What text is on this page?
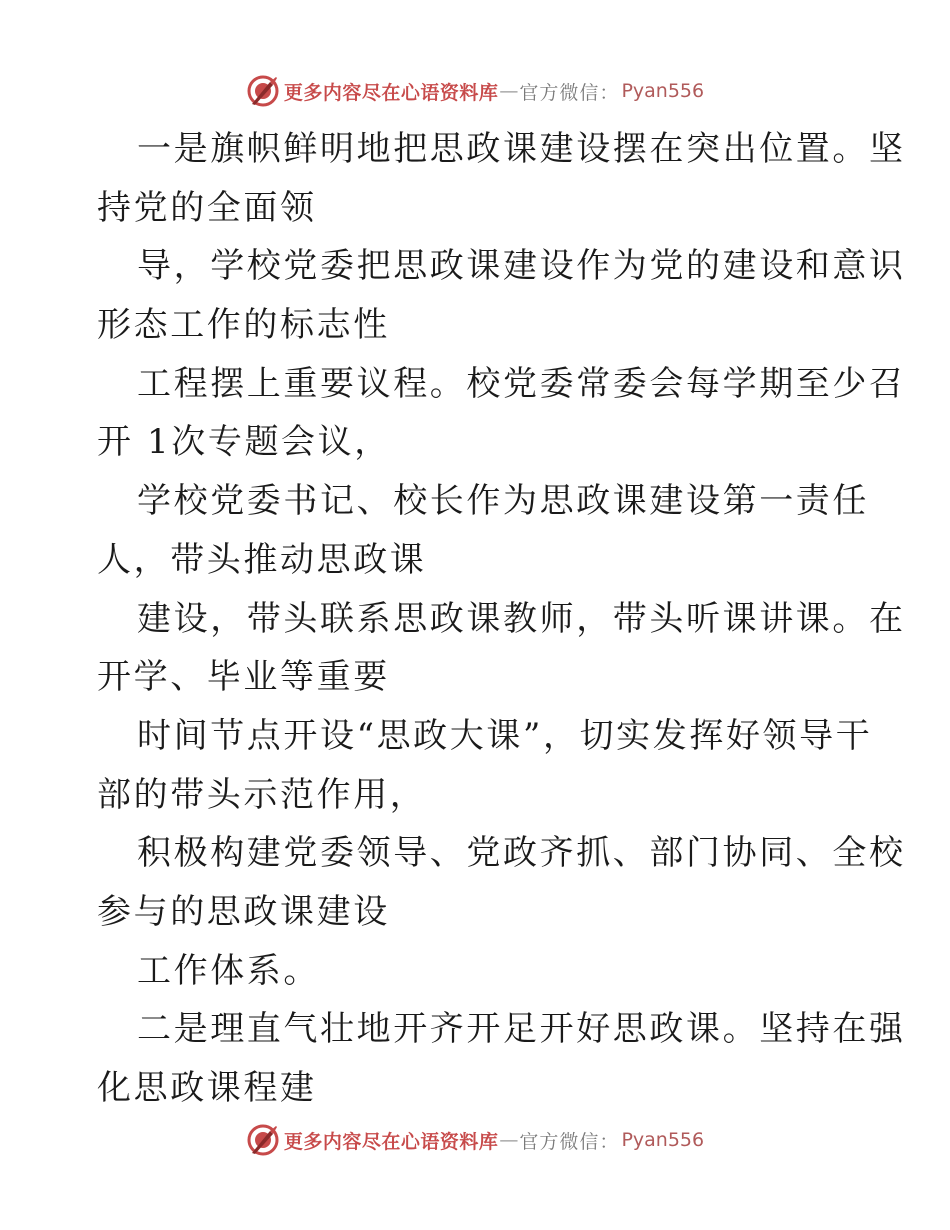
更多内容尽在心语资料库 — 官方微信： Pyan556
一是旗帜鲜明地把思政课建设摆在突出位置。坚
持党的全面领
导，学校党委把思政课建设作为党的建设和意识
形态工作的标志性
工程摆上重要议程。校党委常委会每学期至少召
开 1次专题会议，
学校党委书记、校长作为思政课建设第一责任
人，带头推动思政课
建设，带头联系思政课教师，带头听课讲课。在
开学、毕业等重要
时间节点开设“思政大课”，切实发挥好领导干
部的带头示范作用，
积极构建党委领导、党政齐抓、部门协同、全校
参与的思政课建设
工作体系。
二是理直气壮地开齐开足开好思政课。坚持在强
化思政课程建
更多内容尽在心语资料库 — 官方微信： Pyan556
